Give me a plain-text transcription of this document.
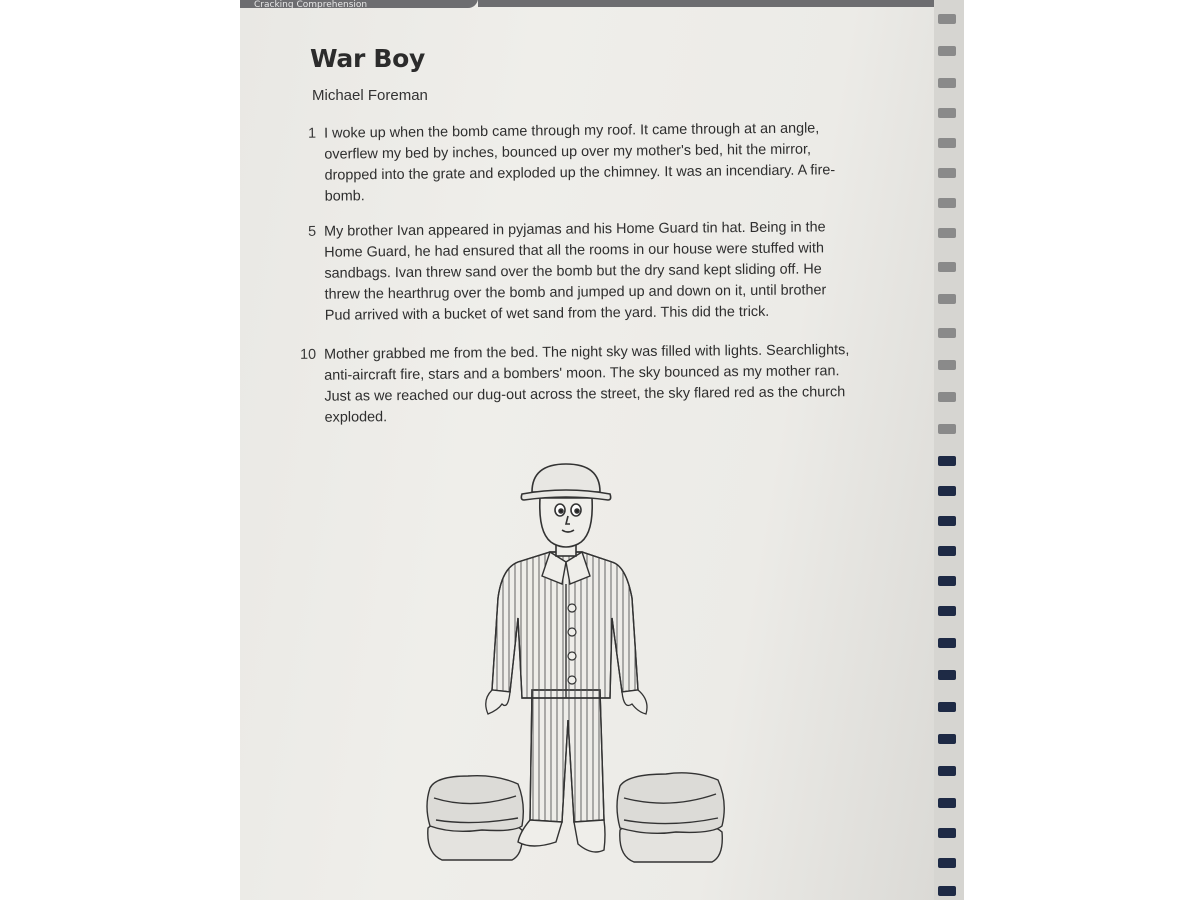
Cracking Comprehension
War Boy

Michael Foreman

1 I woke up when the bomb came through my roof. It came through at an angle, overflew my bed by inches, bounced up over my mother's bed, hit the mirror, dropped into the grate and exploded up the chimney. It was an incendiary. A fire-bomb.

5 My brother Ivan appeared in pyjamas and his Home Guard tin hat. Being in the Home Guard, he had ensured that all the rooms in our house were stuffed with sandbags. Ivan threw sand over the bomb but the dry sand kept sliding off. He threw the hearthrug over the bomb and jumped up and down on it, until brother Pud arrived with a bucket of wet sand from the yard. This did the trick.

10 Mother grabbed me from the bed. The night sky was filled with lights. Searchlights, anti-aircraft fire, stars and a bombers' moon. The sky bounced as my mother ran. Just as we reached our dug-out across the street, the sky flared red as the church exploded.
